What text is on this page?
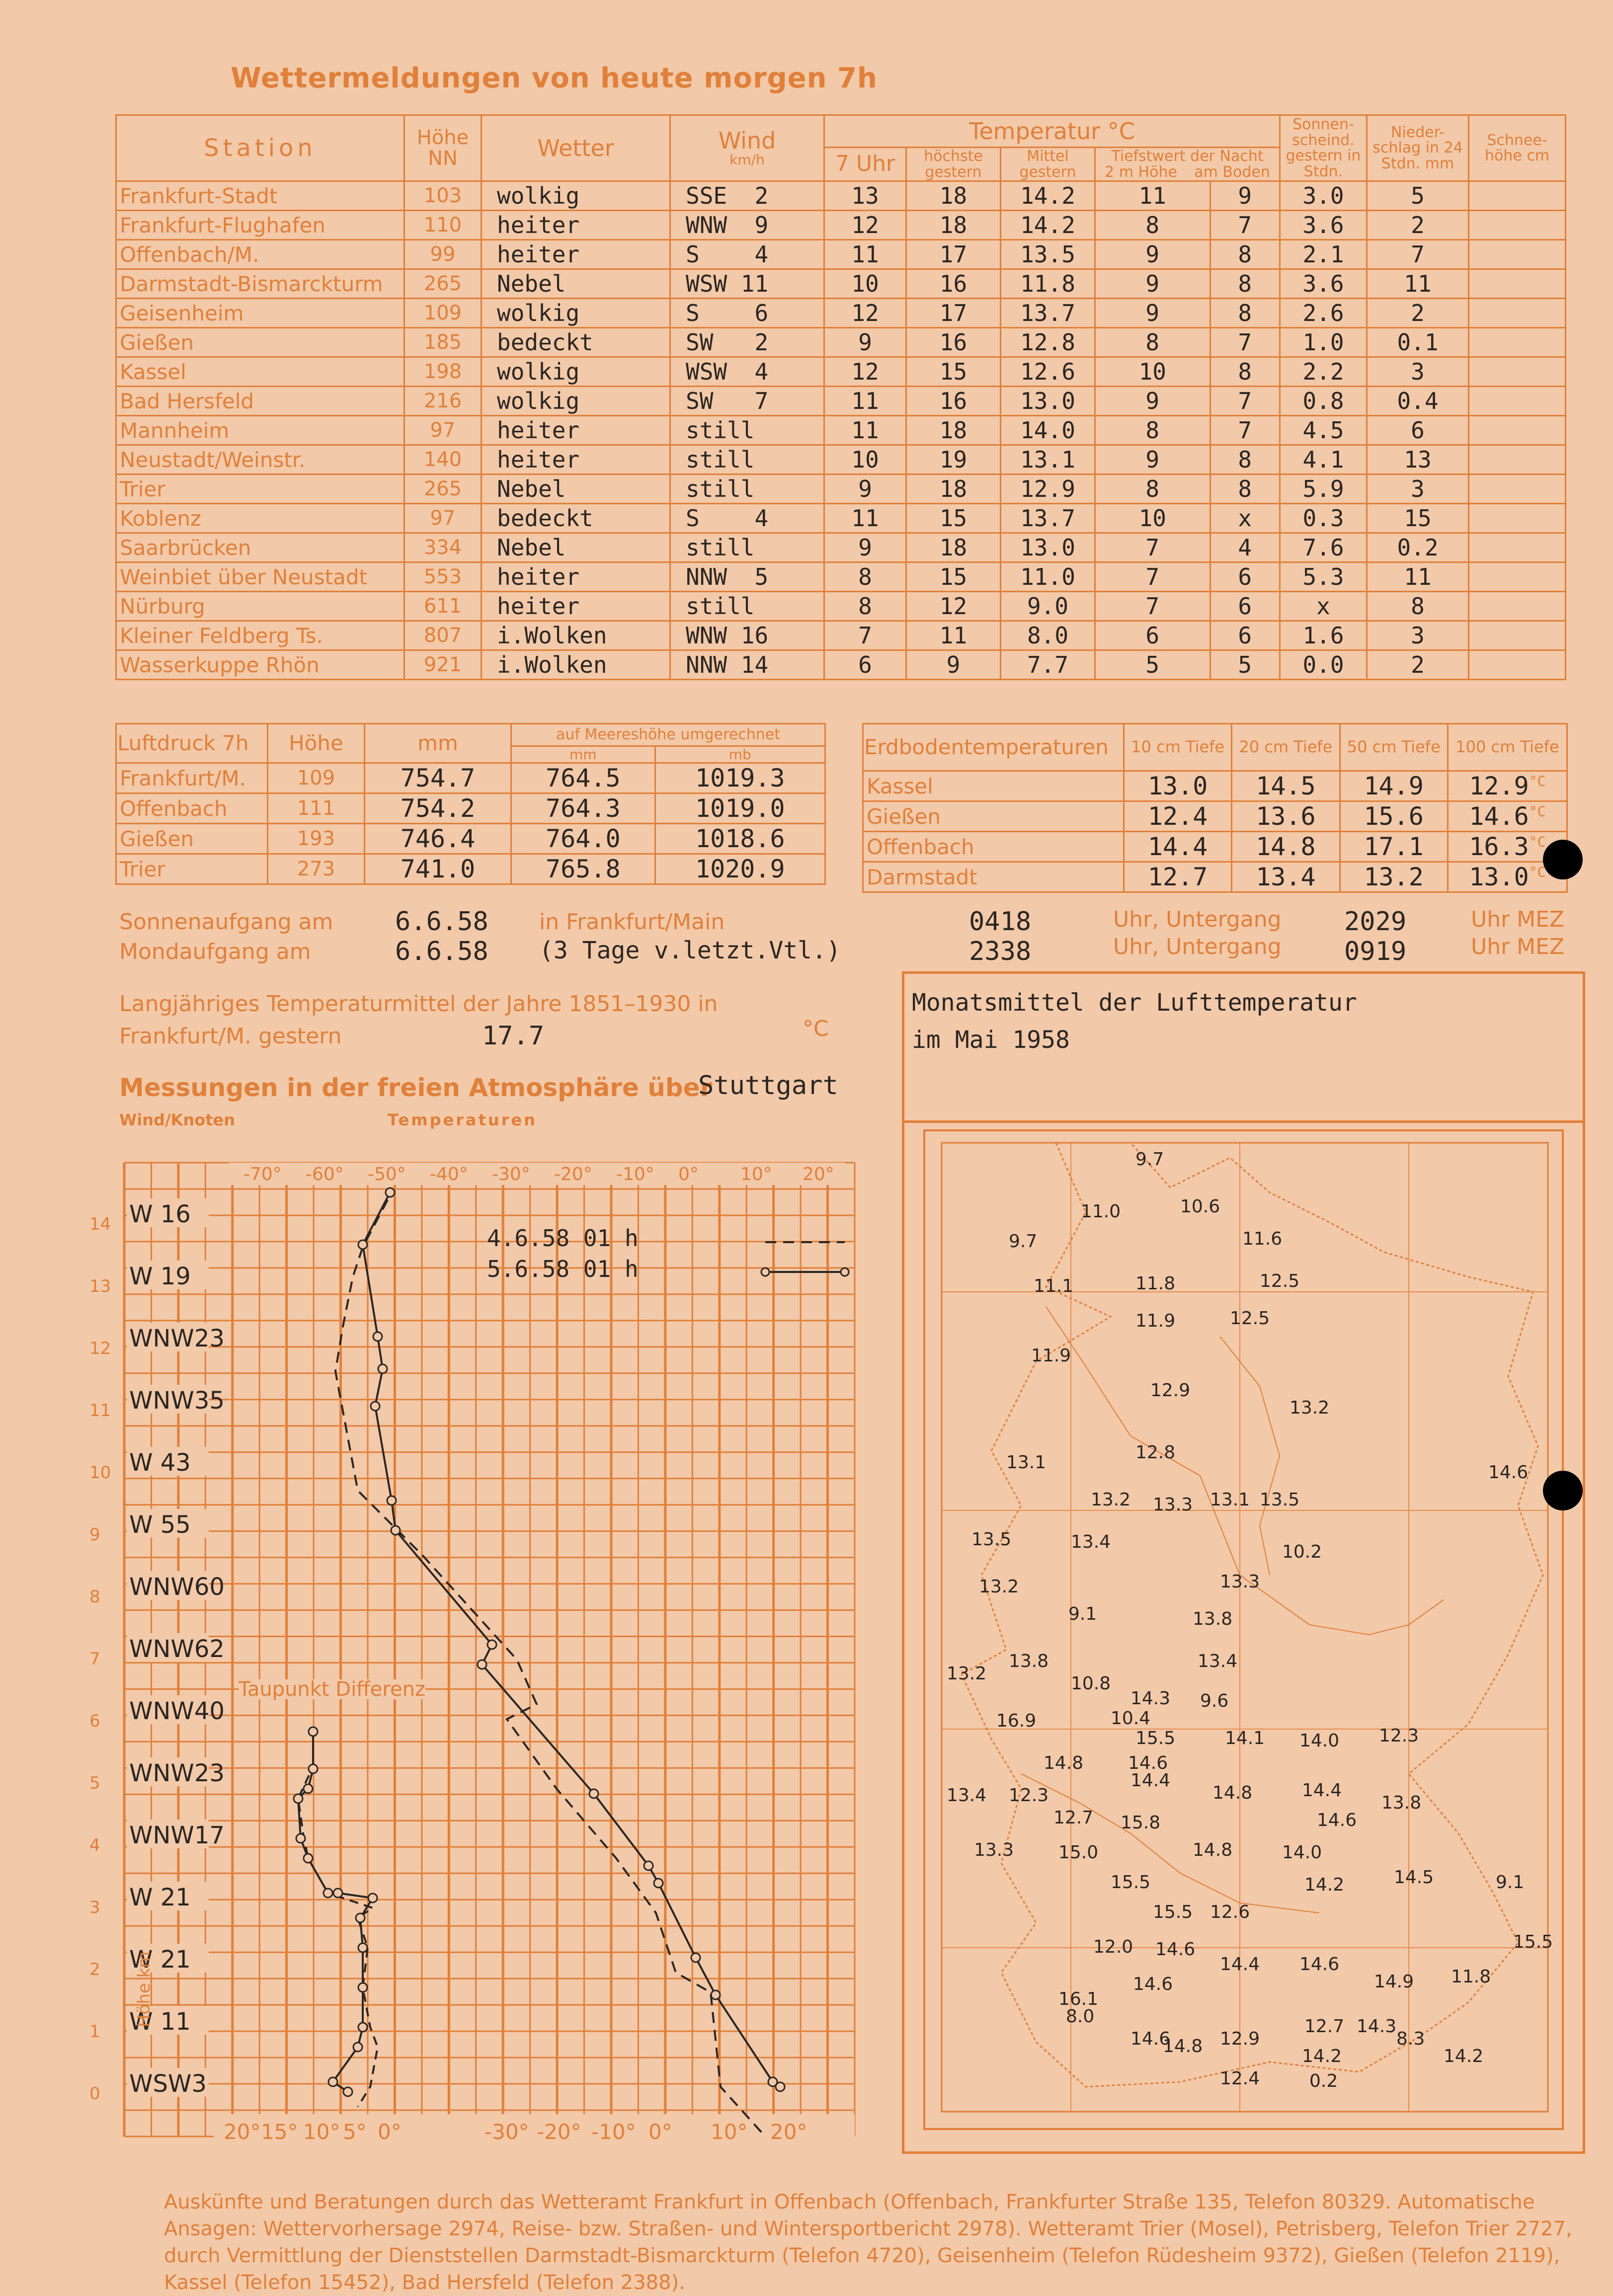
Wettermeldungen von heute morgen 7h
Station	Höhe NN	Wetter	Wind
km/h	Temperatur °C					Sonnen-scheind. gestern in Stdn.	Nieder-schlag in 24 Stdn. mm	Schnee-höhe cm
				7 Uhr	höchste gestern	Mittel gestern	Tiefstwert der Nacht
2 m Höhe am Boden				

Frankfurt-Stadt	103	wolkig	SSE  2	13	18	14.2	11	9	3.0	5	
Frankfurt-Flughafen	110	heiter	WNW  9	12	18	14.2	8	7	3.6	2	
Offenbach/M.	99	heiter	S    4	11	17	13.5	9	8	2.1	7	
Darmstadt-Bismarckturm	265	Nebel	WSW 11	10	16	11.8	9	8	3.6	11	
Geisenheim	109	wolkig	S    6	12	17	13.7	9	8	2.6	2	
Gießen	185	bedeckt	SW   2	9	16	12.8	8	7	1.0	0.1	
Kassel	198	wolkig	WSW  4	12	15	12.6	10	8	2.2	3	
Bad Hersfeld	216	wolkig	SW   7	11	16	13.0	9	7	0.8	0.4	
Mannheim	97	heiter	still	11	18	14.0	8	7	4.5	6	
Neustadt/Weinstr.	140	heiter	still	10	19	13.1	9	8	4.1	13	
Trier	265	Nebel	still	9	18	12.9	8	8	5.9	3	
Koblenz	97	bedeckt	S    4	11	15	13.7	10	x	0.3	15	
Saarbrücken	334	Nebel	still	9	18	13.0	7	4	7.6	0.2	
Weinbiet über Neustadt	553	heiter	NNW  5	8	15	11.0	7	6	5.3	11	
Nürburg	611	heiter	still	8	12	9.0	7	6	x	8	
Kleiner Feldberg Ts.	807	i.Wolken	WNW 16	7	11	8.0	6	6	1.6	3	
Wasserkuppe Rhön	921	i.Wolken	NNW 14	6	9	7.7	5	5	0.0	2	
Luftdruck 7h	Höhe	mm	auf Meereshöhe umgerechnet	
			mm	mb
Frankfurt/M.	109	754.7	764.5	1019.3
Offenbach	111	754.2	764.3	1019.0
Gießen	193	746.4	764.0	1018.6
Trier	273	741.0	765.8	1020.9
Erdbodentemperaturen	10 cm Tiefe	20 cm Tiefe	50 cm Tiefe	100 cm Tiefe
Kassel	13.0	14.5	14.9	$12.9^{^\circ C}$
Gießen	12.4	13.6	15.6	$14.6^{^\circ C}$
Offenbach	14.4	14.8	17.1	$16.3^{^\circ C}$
Darmstadt	12.7	13.4	13.2	$13.0^{^\circ C}$
Sonnenaufgang am 6.6.58 in Frankfurt/Main	0418	Uhr, Untergang 2029	Uhr MEZ
Mondaufgang am	6.6.58 (3 Tage v.letzt.Vtl.)	2338	Uhr, Untergang 0919	Uhr MEZ
Langjähriges Temperaturmittel der Jahre 1851–1930 in
Frankfurt/M. gestern	17.7	°C
Messungen in der freien Atmosphäre über
Stuttgart
Wind/Knoten	Temperaturen
-70° -60° -50° -40° -30° -20° -10° 0° 10° 20°
20° 15° 10° 5° 0°	-30° -20° -10° 0° 10° 20°
14
13
12
11
10
9
8
7
6
5
4
3
2
1
0
W 16
W 19
WNW23
WNW35
W 43
W 55
WNW60
WNW62
WNW40
WNW23
WNW17
W 21
W 21
W 11
WSW3
4.6.58 01 h
5.6.58 01 h
Taupunkt Differenz
Höhe km
Monatsmittel der Lufttemperatur
im Mai 1958
9.7
11.0	10.6
9.7	11.6
11.1	11.8	12.5
11.9	12.5
11.9
12.9
13.2
13.1	12.8
14.6
13.2 13.3 13.1 13.5
13.5	13.4	10.2
13.2	13.3
9.1	13.8
13.2
13.8
10.8
13.4
14.3 9.6
16.9	10.4
15.5	14.1 14.0 12.3
14.8 14.6
13.4 12.3
14.4
14.8	14.4
13.8
12.7 15.8	14.6
13.3 15.0	14.8	14.0
15.5	14.2	14.5	9.1
15.5 12.6
15.5
12.0 14.6
14.4 14.6
14.9 11.8
14.6
16.1
8.0	12.7 14.3
14.6
14.8 12.9
14.2
8.3
14.2
12.4	0.2
Auskünfte und Beratungen durch das Wetteramt Frankfurt in Offenbach (Offenbach, Frankfurter Straße 135, Telefon 80329. Automatische Ansagen: Wettervorhersage 2974, Reise- bzw. Straßen- und Wintersportbericht 2978). Wetteramt Trier (Mosel), Petrisberg, Telefon Trier 2727, durch Vermittlung der Dienststellen Darmstadt-Bismarckturm (Telefon 4720), Geisenheim (Telefon Rüdesheim 9372), Gießen (Telefon 2119), Kassel (Telefon 15452), Bad Hersfeld (Telefon 2388).
